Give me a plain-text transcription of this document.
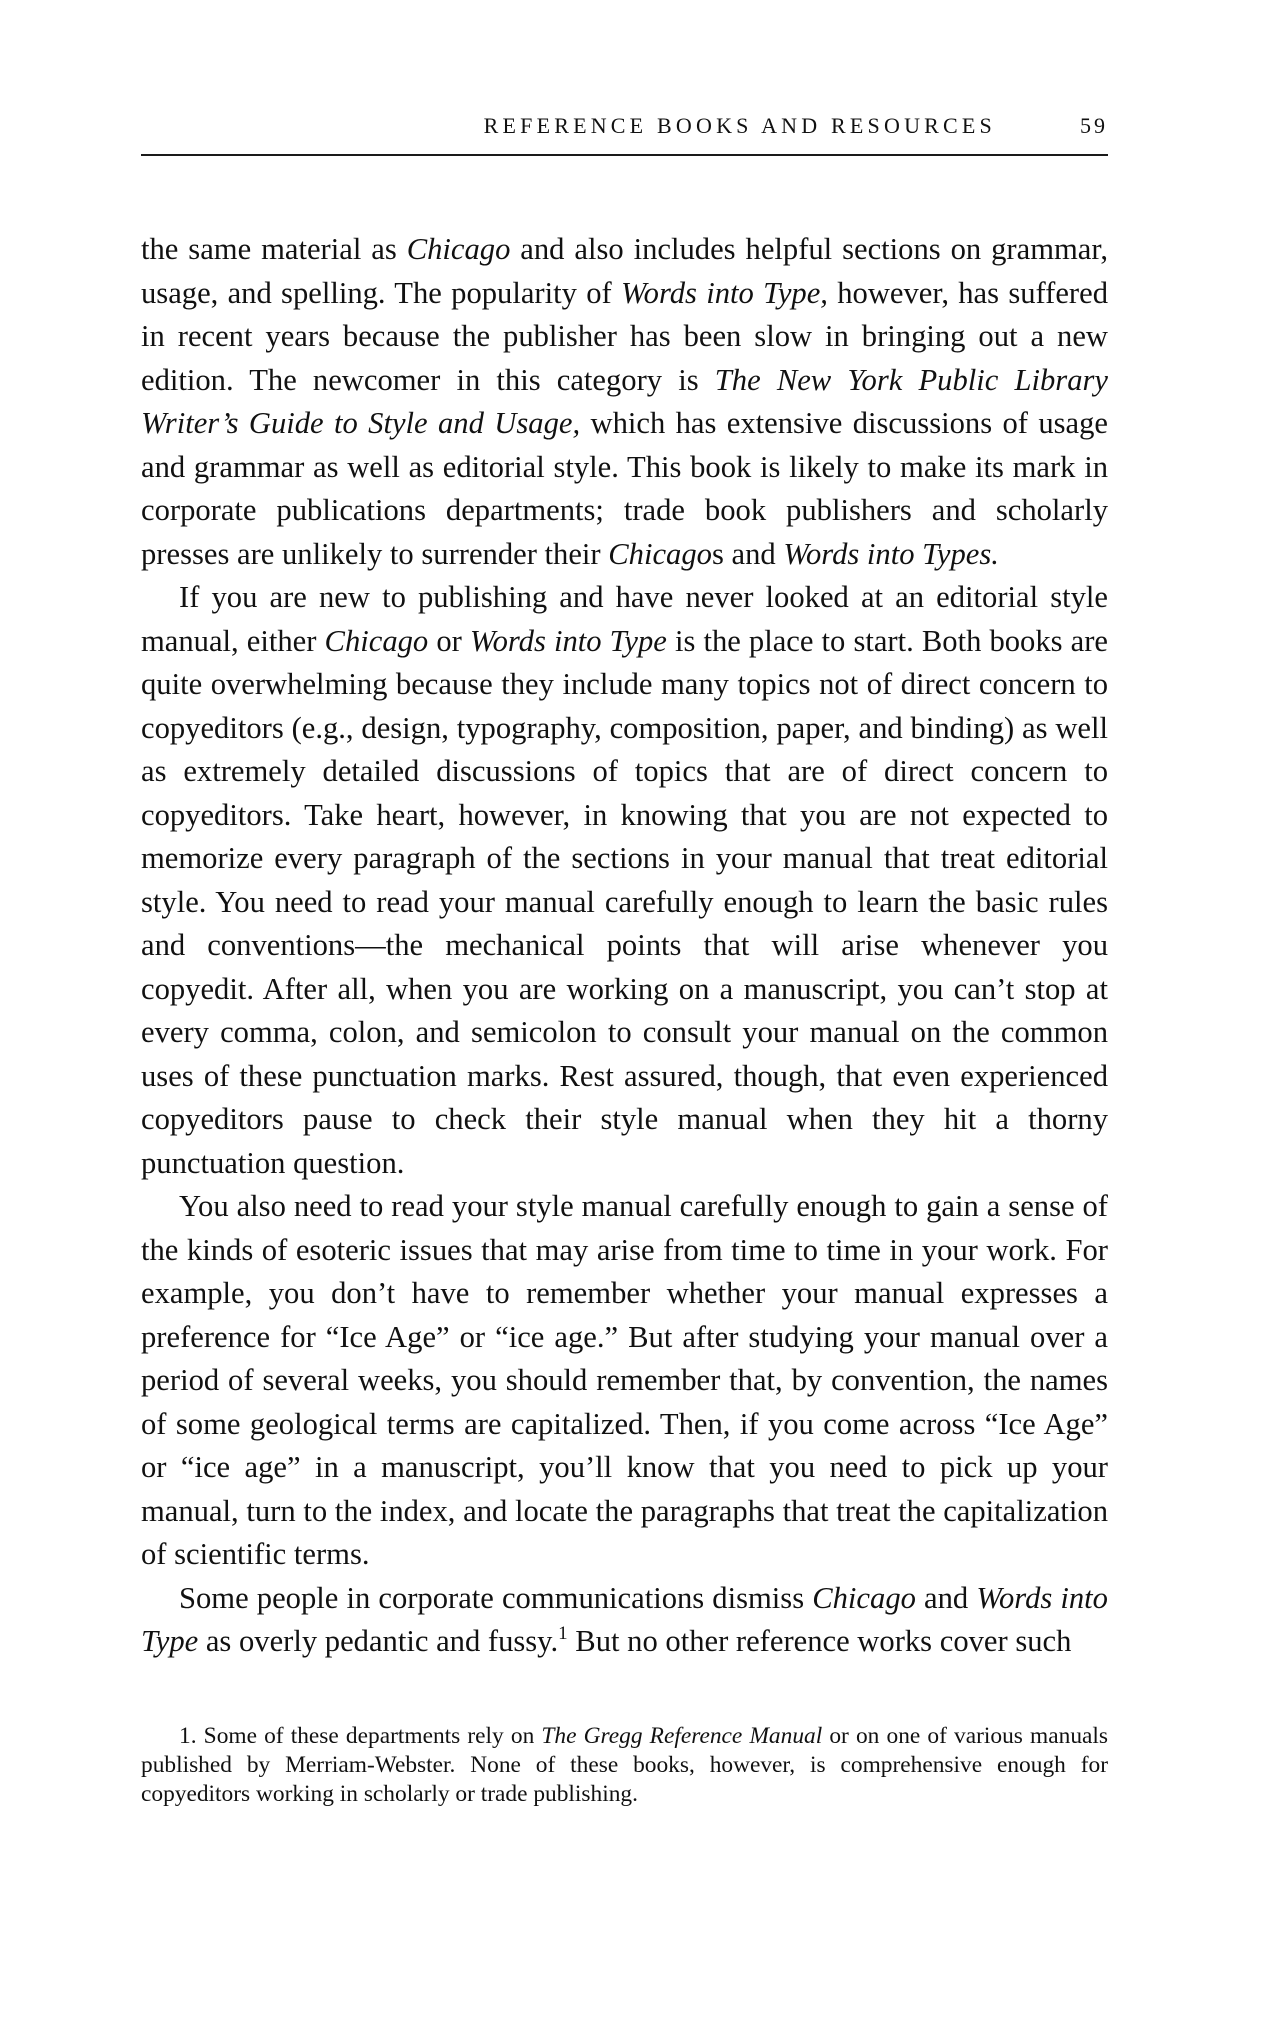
REFERENCE BOOKS AND RESOURCES	59

the same material as Chicago and also includes helpful sections on grammar, usage, and spelling. The popularity of Words into Type, however, has suffered in recent years because the publisher has been slow in bringing out a new edition. The newcomer in this category is The New York Public Library Writer’s Guide to Style and Usage, which has extensive discussions of usage and grammar as well as editorial style. This book is likely to make its mark in corporate publications departments; trade book publishers and scholarly presses are unlikely to surrender their Chicagos and Words into Types.

If you are new to publishing and have never looked at an editorial style manual, either Chicago or Words into Type is the place to start. Both books are quite overwhelming because they include many topics not of direct concern to copyeditors (e.g., design, typography, composition, paper, and binding) as well as extremely detailed discussions of topics that are of direct concern to copyeditors. Take heart, however, in knowing that you are not expected to memorize every paragraph of the sections in your manual that treat editorial style. You need to read your manual carefully enough to learn the basic rules and conventions—the mechanical points that will arise whenever you copyedit. After all, when you are working on a manuscript, you can’t stop at every comma, colon, and semicolon to consult your manual on the common uses of these punctuation marks. Rest assured, though, that even experienced copyeditors pause to check their style manual when they hit a thorny punctuation question.

You also need to read your style manual carefully enough to gain a sense of the kinds of esoteric issues that may arise from time to time in your work. For example, you don’t have to remember whether your manual expresses a preference for “Ice Age” or “ice age.” But after studying your manual over a period of several weeks, you should remember that, by convention, the names of some geological terms are capitalized. Then, if you come across “Ice Age” or “ice age” in a manuscript, you’ll know that you need to pick up your manual, turn to the index, and locate the paragraphs that treat the capitalization of scientific terms.

Some people in corporate communications dismiss Chicago and Words into Type as overly pedantic and fussy.$^1$ But no other reference works cover such

1. Some of these departments rely on The Gregg Reference Manual or on one of various manuals published by Merriam-Webster. None of these books, however, is comprehensive enough for copyeditors working in scholarly or trade publishing.
